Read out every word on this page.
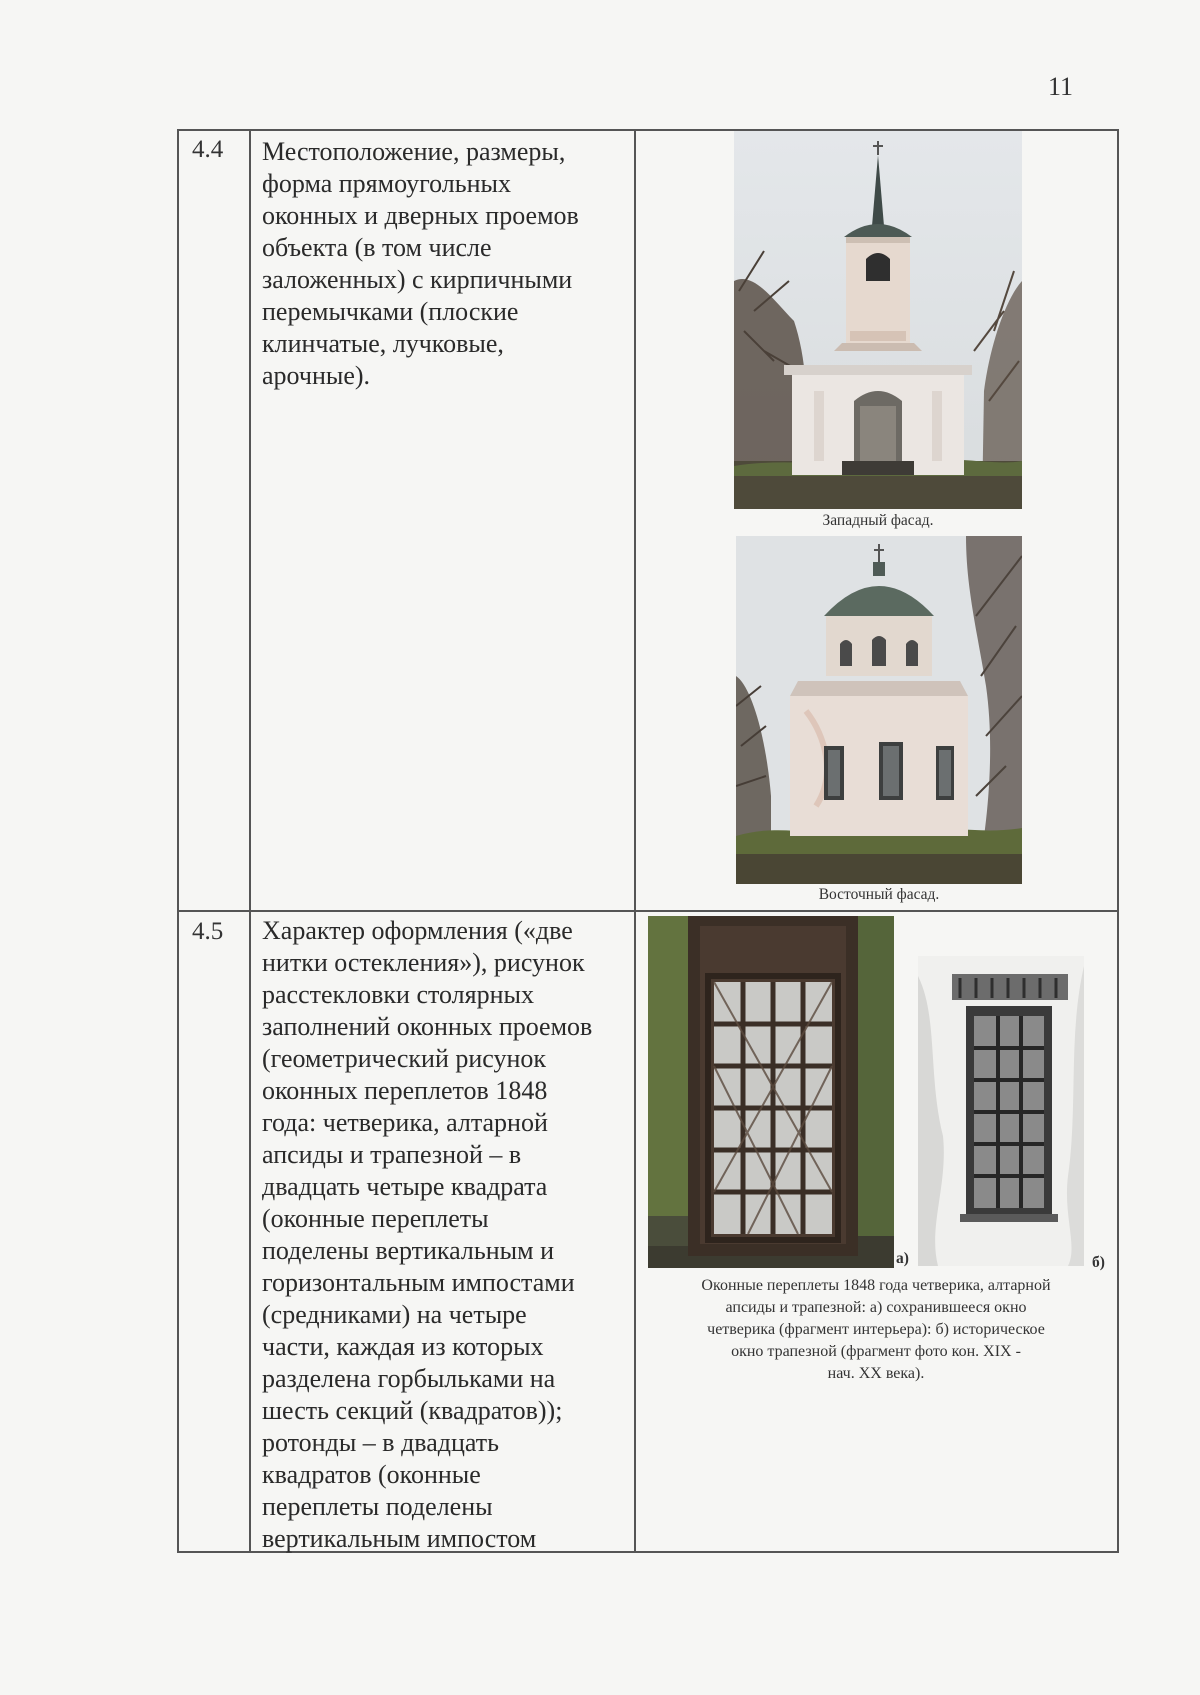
11
4.4 Местоположение, размеры,
форма прямоугольных
оконных и дверных проемов
объекта (в том числе
заложенных) с кирпичными
перемычками (плоские
клинчатые, лучковые,
арочные).
Западный фасад.
Восточный фасад.
4.5 Характер оформления («две
нитки остекления»), рисунок
расстекловки столярных
заполнений оконных проемов
(геометрический рисунок
оконных переплетов 1848
года: четверика, алтарной
апсиды и трапезной – в
двадцать четыре квадрата
(оконные переплеты
поделены вертикальным и
горизонтальным импостами
(средниками) на четыре
части, каждая из которых
разделена горбыльками на
шесть секций (квадратов));
ротонды – в двадцать
квадратов (оконные
переплеты поделены
вертикальным импостом
а)	б)
Оконные переплеты 1848 года четверика, алтарной
апсиды и трапезной: а) сохранившееся окно
четверика (фрагмент интерьера): б) историческое
окно трапезной (фрагмент фото кон. XIX -
нач. XX века).
